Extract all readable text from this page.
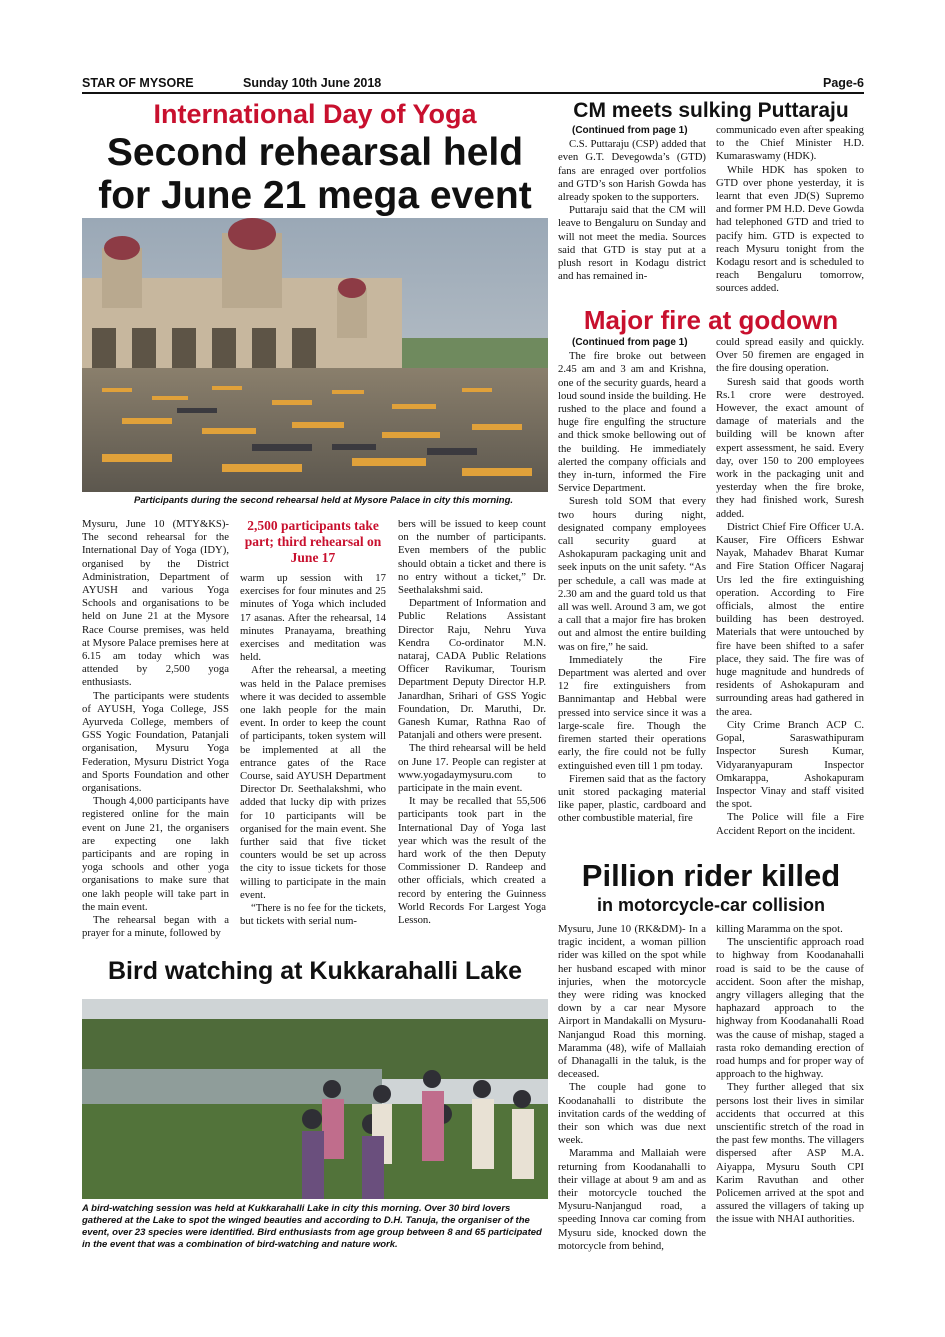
STAR OF MYSORE	Sunday 10th June 2018	Page-6
International Day of Yoga
Second rehearsal held for June 21 mega event
Participants during the second rehearsal held at Mysore Palace in city this morning.

Mysuru, June 10 (MTY&KS)- The second rehearsal for the International Day of Yoga (IDY), organised by the District Administration, Department of AYUSH and various Yoga Schools and organisations to be held on June 21 at the Mysore Race Course premises, was held at Mysore Palace premises here at 6.15 am today which was attended by 2,500 yoga enthusiasts.

The participants were students of AYUSH, Yoga College, JSS Ayurveda College, members of GSS Yogic Foundation, Patanjali organisation, Mysuru Yoga Federation, Mysuru District Yoga and Sports Foundation and other organisations.

Though 4,000 participants have registered online for the main event on June 21, the organisers are expecting one lakh participants and are roping in yoga schools and other yoga organisations to make sure that one lakh people will take part in the main event.

The rehearsal began with a prayer for a minute, followed by

2,500 participants take part; third rehearsal on June 17

warm up session with 17 exercises for four minutes and 25 minutes of Yoga which included 17 asanas. After the rehearsal, 14 minutes Pranayama, breathing exercises and meditation was held.

After the rehearsal, a meeting was held in the Palace premises where it was decided to assemble one lakh people for the main event. In order to keep the count of participants, token system will be implemented at all the entrance gates of the Race Course, said AYUSH Department Director Dr. Seethalakshmi, who added that lucky dip with prizes for 10 participants will be organised for the main event. She further said that five ticket counters would be set up across the city to issue tickets for those willing to participate in the main event.

“There is no fee for the tickets, but tickets with serial num-

bers will be issued to keep count on the number of participants. Even members of the public should obtain a ticket and there is no entry without a ticket,” Dr. Seethalakshmi said.

Department of Information and Public Relations Assistant Director Raju, Nehru Yuva Kendra Co-ordinator M.N. nataraj, CADA Public Relations Officer Ravikumar, Tourism Department Deputy Director H.P. Janardhan, Srihari of GSS Yogic Foundation, Dr. Maruthi, Dr. Ganesh Kumar, Rathna Rao of Patanjali and others were present.

The third rehearsal will be held on June 17. People can register at www.yogadaymysuru.com to participate in the main event.

It may be recalled that 55,506 participants took part in the International Day of Yoga last year which was the result of the hard work of the then Deputy Commissioner D. Randeep and other officials, which created a record by entering the Guinness World Records For Largest Yoga Lesson.

Bird watching at Kukkarahalli Lake
A bird-watching session was held at Kukkarahalli Lake in city this morning. Over 30 bird lovers gathered at the Lake to spot the winged beauties and according to D.H. Tanuja, the organiser of the event, over 23 species were identified. Bird enthusiasts from age group between 8 and 65 participated in the event that was a combination of bird-watching and nature work.
CM meets sulking Puttaraju
(Continued from page 1)

C.S. Puttaraju (CSP) added that even G.T. Devegowda’s (GTD) fans are enraged over portfolios and GTD’s son Harish Gowda has already spoken to the supporters.

Puttaraju said that the CM will leave to Bengaluru on Sunday and will not meet the media. Sources said that GTD is stay put at a plush resort in Kodagu district and has remained in-

communicado even after speaking to the Chief Minister H.D. Kumaraswamy (HDK).

While HDK has spoken to GTD over phone yesterday, it is learnt that even JD(S) Supremo and former PM H.D. Deve Gowda had telephoned GTD and tried to pacify him. GTD is expected to reach Mysuru tonight from the Kodagu resort and is scheduled to reach Bengaluru tomorrow, sources added.

Major fire at godown
(Continued from page 1)

The fire broke out between 2.45 am and 3 am and Krishna, one of the security guards, heard a loud sound inside the building. He rushed to the place and found a huge fire engulfing the structure and thick smoke bellowing out of the building. He immediately alerted the company officials and they in-turn, informed the Fire Service Department.

Suresh told SOM that every two hours during night, designated company employees call security guard at Ashokapuram packaging unit and seek inputs on the unit safety. “As per schedule, a call was made at 2.30 am and the guard told us that all was well. Around 3 am, we got a call that a major fire has broken out and almost the entire building was on fire,” he said.

Immediately the Fire Department was alerted and over 12 fire extinguishers from Bannimantap and Hebbal were pressed into service since it was a large-scale fire. Though the firemen started their operations early, the fire could not be fully extinguished even till 1 pm today.

Firemen said that as the factory unit stored packaging material like paper, plastic, cardboard and other combustible material, fire

could spread easily and quickly. Over 50 firemen are engaged in the fire dousing operation.

Suresh said that goods worth Rs.1 crore were destroyed. However, the exact amount of damage of materials and the building will be known after expert assessment, he said. Every day, over 150 to 200 employees work in the packaging unit and yesterday when the fire broke, they had finished work, Suresh added.

District Chief Fire Officer U.A. Kauser, Fire Officers Eshwar Nayak, Mahadev Bharat Kumar and Fire Station Officer Nagaraj Urs led the fire extinguishing operation. According to Fire officials, almost the entire building has been destroyed. Materials that were untouched by fire have been shifted to a safer place, they said. The fire was of huge magnitude and hundreds of residents of Ashokapuram and surrounding areas had gathered in the area.

City Crime Branch ACP C. Gopal, Saraswathipuram Inspector Suresh Kumar, Vidyaranyapuram Inspector Omkarappa, Ashokapuram Inspector Vinay and staff visited the spot.

The Police will file a Fire Accident Report on the incident.

Pillion rider killed
in motorcycle-car collision

Mysuru, June 10 (RK&DM)- In a tragic incident, a woman pillion rider was killed on the spot while her husband escaped with minor injuries, when the motorcycle they were riding was knocked down by a car near Mysore Airport in Mandakalli on Mysuru-Nanjangud Road this morning. Maramma (48), wife of Mallaiah of Dhanagalli in the taluk, is the deceased.

The couple had gone to Koodanahalli to distribute the invitation cards of the wedding of their son which was due next week.

Maramma and Mallaiah were returning from Koodanahalli to their village at about 9 am and as their motorcycle touched the Mysuru-Nanjangud road, a speeding Innova car coming from Mysuru side, knocked down the motorcycle from behind,

killing Maramma on the spot.

The unscientific approach road to highway from Koodanahalli road is said to be the cause of accident. Soon after the mishap, angry villagers alleging that the haphazard approach to the highway from Koodanahalli Road was the cause of mishap, staged a rasta roko demanding erection of road humps and for proper way of approach to the highway.

They further alleged that six persons lost their lives in similar accidents that occurred at this unscientific stretch of the road in the past few months. The villagers dispersed after ASP M.A. Aiyappa, Mysuru South CPI Karim Ravuthan and other Policemen arrived at the spot and assured the villagers of taking up the issue with NHAI authorities.
